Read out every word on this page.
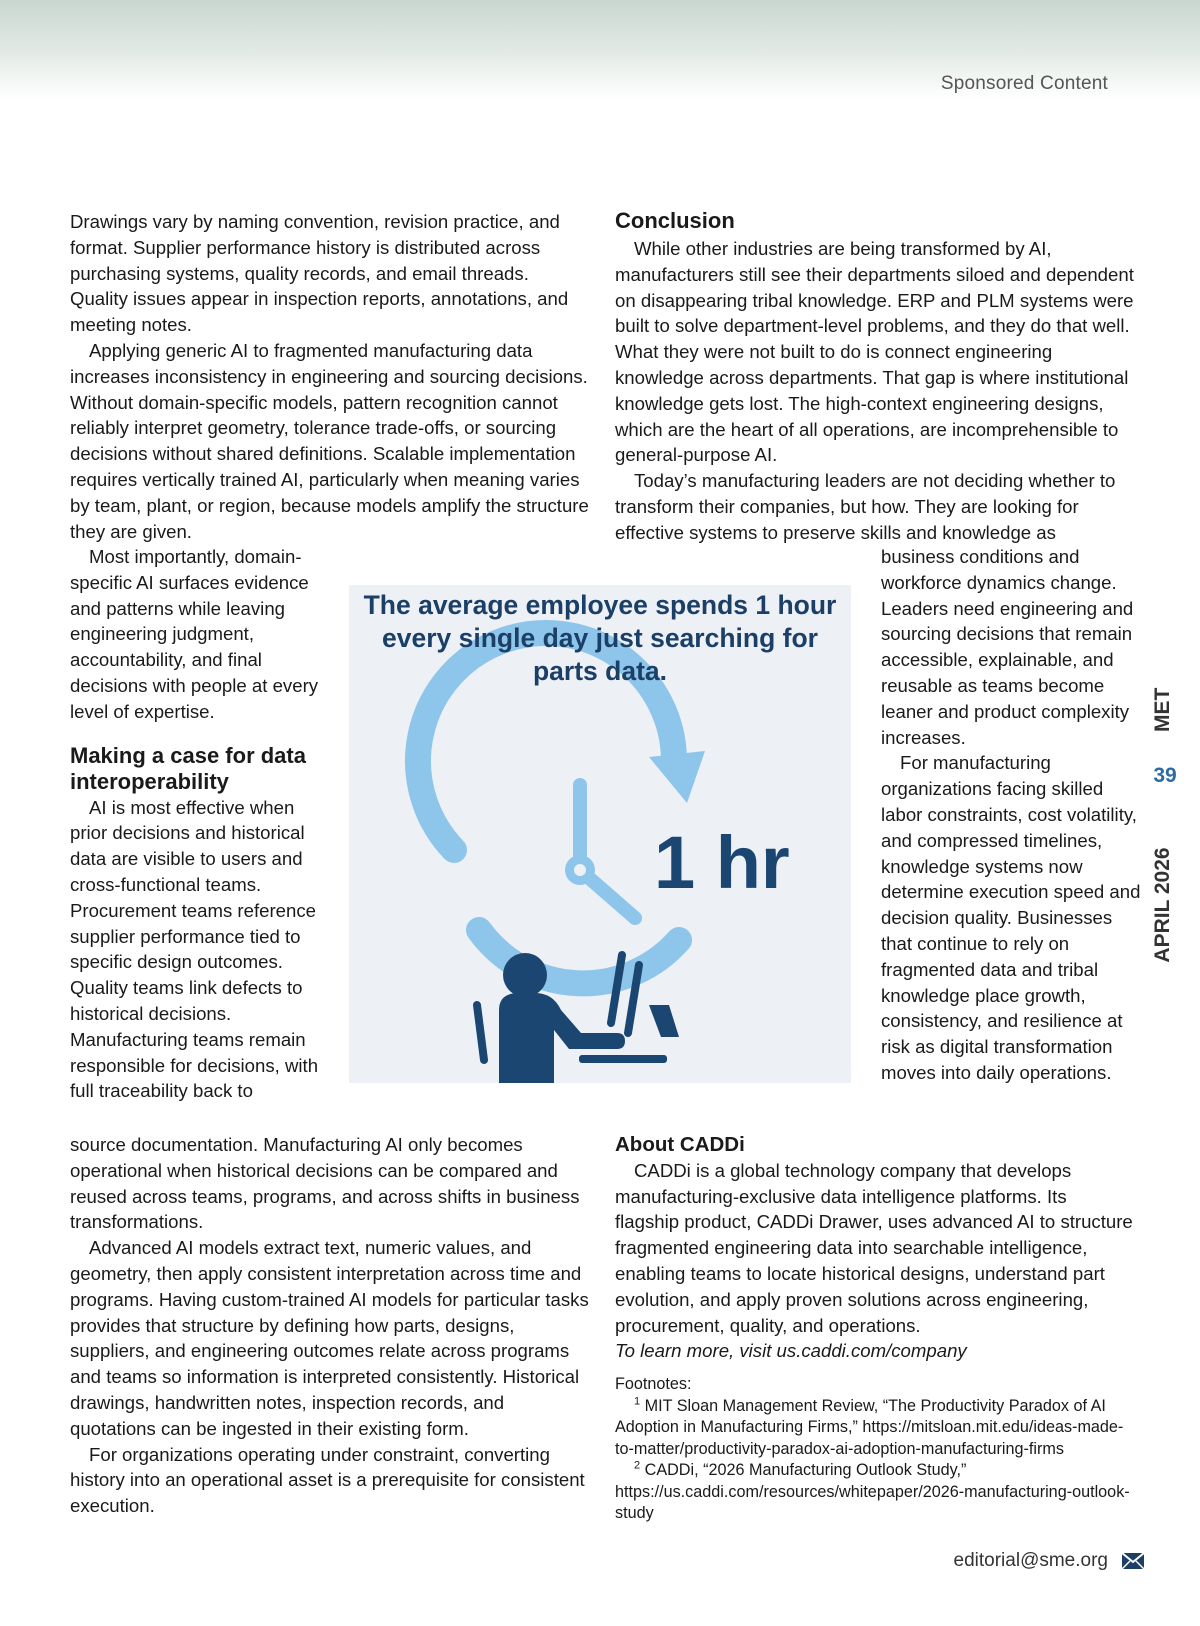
Sponsored Content

Drawings vary by naming convention, revision practice, and format. Supplier performance history is distributed across purchasing systems, quality records, and email threads. Quality issues appear in inspection reports, annotations, and meeting notes.

Applying generic AI to fragmented manufacturing data increases inconsistency in engineering and sourcing decisions. Without domain-specific models, pattern recognition cannot reliably interpret geometry, tolerance trade-offs, or sourcing decisions without shared definitions. Scalable implementation requires vertically trained AI, particularly when meaning varies by team, plant, or region, because models amplify the structure they are given.

Most importantly, domain-specific AI surfaces evidence and patterns while leaving engineering judgment, accountability, and final decisions with people at every level of expertise.

Making a case for data interoperability

AI is most effective when prior decisions and historical data are visible to users and cross-functional teams. Procurement teams reference supplier performance tied to specific design outcomes. Quality teams link defects to historical decisions. Manufacturing teams remain responsible for decisions, with full traceability back to

source documentation. Manufacturing AI only becomes operational when historical decisions can be compared and reused across teams, programs, and across shifts in business transformations.

Advanced AI models extract text, numeric values, and geometry, then apply consistent interpretation across time and programs. Having custom-trained AI models for particular tasks provides that structure by defining how parts, designs, suppliers, and engineering outcomes relate across programs and teams so information is interpreted consistently. Historical drawings, handwritten notes, inspection records, and quotations can be ingested in their existing form.

For organizations operating under constraint, converting history into an operational asset is a prerequisite for consistent execution.

Conclusion

While other industries are being transformed by AI, manufacturers still see their departments siloed and dependent on disappearing tribal knowledge. ERP and PLM systems were built to solve department-level problems, and they do that well. What they were not built to do is connect engineering knowledge across departments. That gap is where institutional knowledge gets lost. The high-context engineering designs, which are the heart of all operations, are incomprehensible to general-purpose AI.

Today’s manufacturing leaders are not deciding whether to transform their companies, but how. They are looking for effective systems to preserve skills and knowledge as

business conditions and workforce dynamics change. Leaders need engineering and sourcing decisions that remain accessible, explainable, and reusable as teams become leaner and product complexity increases.

For manufacturing organizations facing skilled labor constraints, cost volatility, and compressed timelines, knowledge systems now determine execution speed and decision quality. Businesses that continue to rely on fragmented data and tribal knowledge place growth, consistency, and resilience at risk as digital transformation moves into daily operations.

About CADDi

CADDi is a global technology company that develops manufacturing-exclusive data intelligence platforms. Its flagship product, CADDi Drawer, uses advanced AI to structure fragmented engineering data into searchable intelligence, enabling teams to locate historical designs, understand part evolution, and apply proven solutions across engineering, procurement, quality, and operations.

To learn more, visit us.caddi.com/company

Footnotes:

$^1$ MIT Sloan Management Review, “The Productivity Paradox of AI Adoption in Manufacturing Firms,” https://mitsloan.mit.edu/ideas-made-to-matter/productivity-paradox-ai-adoption-manufacturing-firms

$^2$ CADDi, “2026 Manufacturing Outlook Study,” https://us.caddi.com/resources/whitepaper/2026-manufacturing-outlook-study

The average employee spends 1 hour every single day just searching for parts data.
1 hr
MET
39
APRIL 2026
editorial@sme.org
